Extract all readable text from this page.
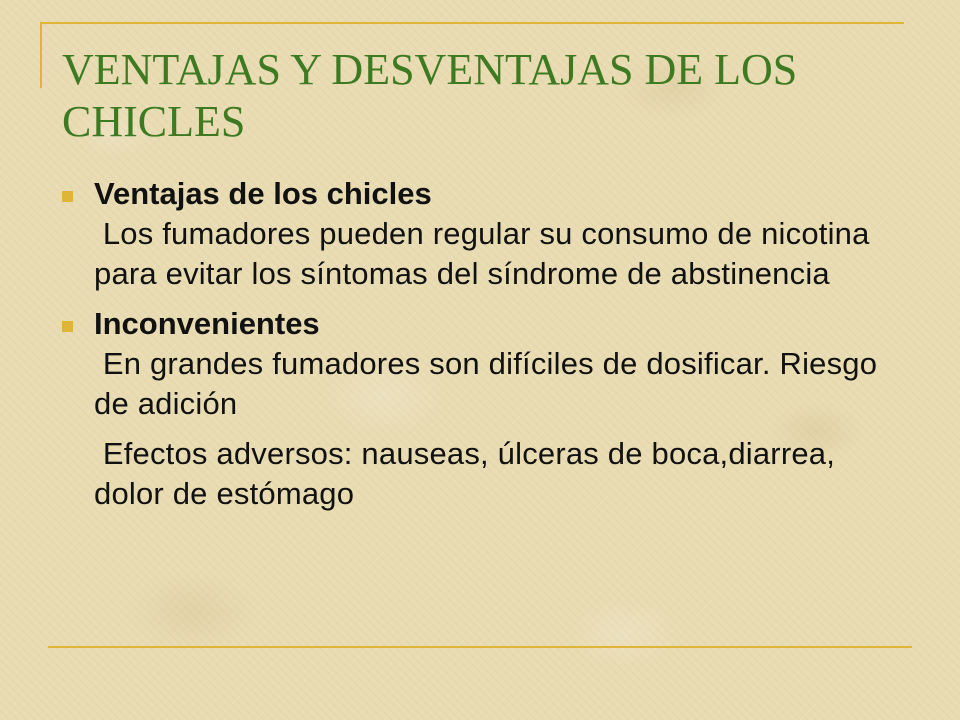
VENTAJAS Y DESVENTAJAS DE LOS CHICLES

Ventajas de los chicles

Los fumadores pueden regular su consumo de nicotina para evitar los síntomas del síndrome de abstinencia

Inconvenientes

En grandes fumadores son difíciles de dosificar. Riesgo de adición

Efectos adversos: nauseas, úlceras de boca,diarrea, dolor de estómago
